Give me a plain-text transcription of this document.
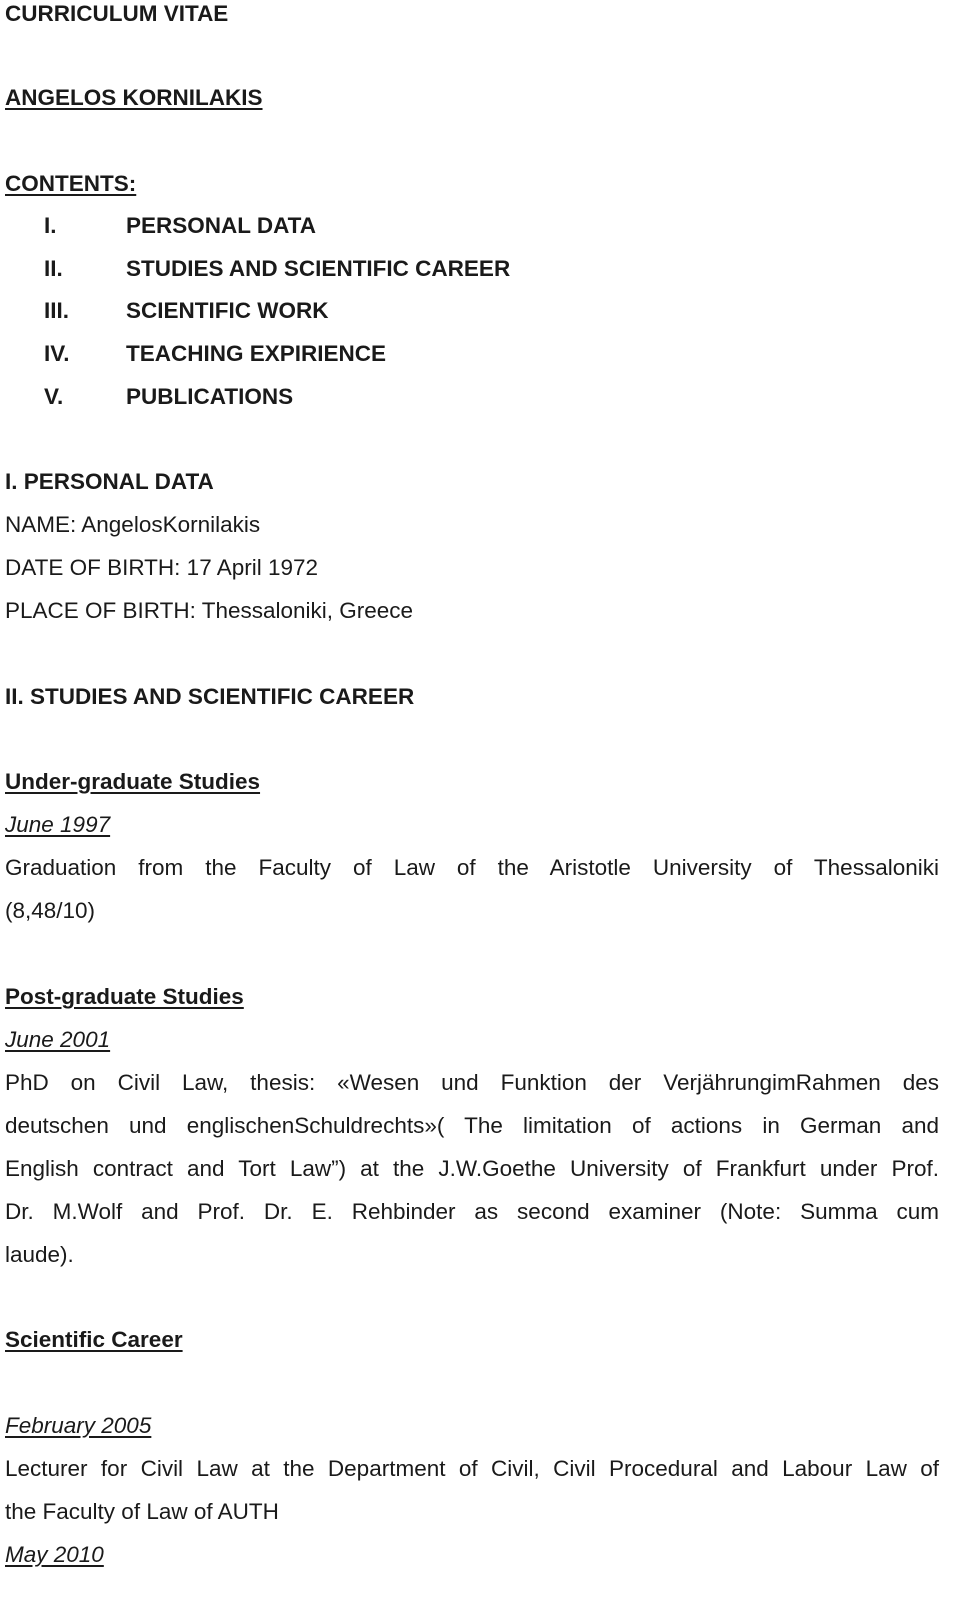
CURRICULUM VITAE
ANGELOS KORNILAKIS
CONTENTS:
I.	PERSONAL DATA
II.	STUDIES AND SCIENTIFIC CAREER
III.	SCIENTIFIC WORK
IV.	TEACHING EXPIRIENCE
V.	PUBLICATIONS
I. PERSONAL DATA
NAME: AngelosKornilakis
DATE OF BIRTH: 17 April 1972
PLACE OF BIRTH: Thessaloniki, Greece
II. STUDIES AND SCIENTIFIC CAREER
Under-graduate Studies
June 1997
Graduation from the Faculty of Law of the Aristotle University of Thessaloniki
(8,48/10)
Post-graduate Studies
June 2001
PhD on Civil Law, thesis: «Wesen und Funktion der VerjährungimRahmen des
deutschen und englischenSchuldrechts»( The limitation of actions in German and
English contract and Tort Law”) at the J.W.Goethe University of Frankfurt under Prof.
Dr. M.Wolf and Prof. Dr. E. Rehbinder as second examiner (Note: Summa cum
laude).
Scientific Career
February 2005
Lecturer for Civil Law at the Department of Civil, Civil Procedural and Labour Law of
the Faculty of Law of AUTH
May 2010
